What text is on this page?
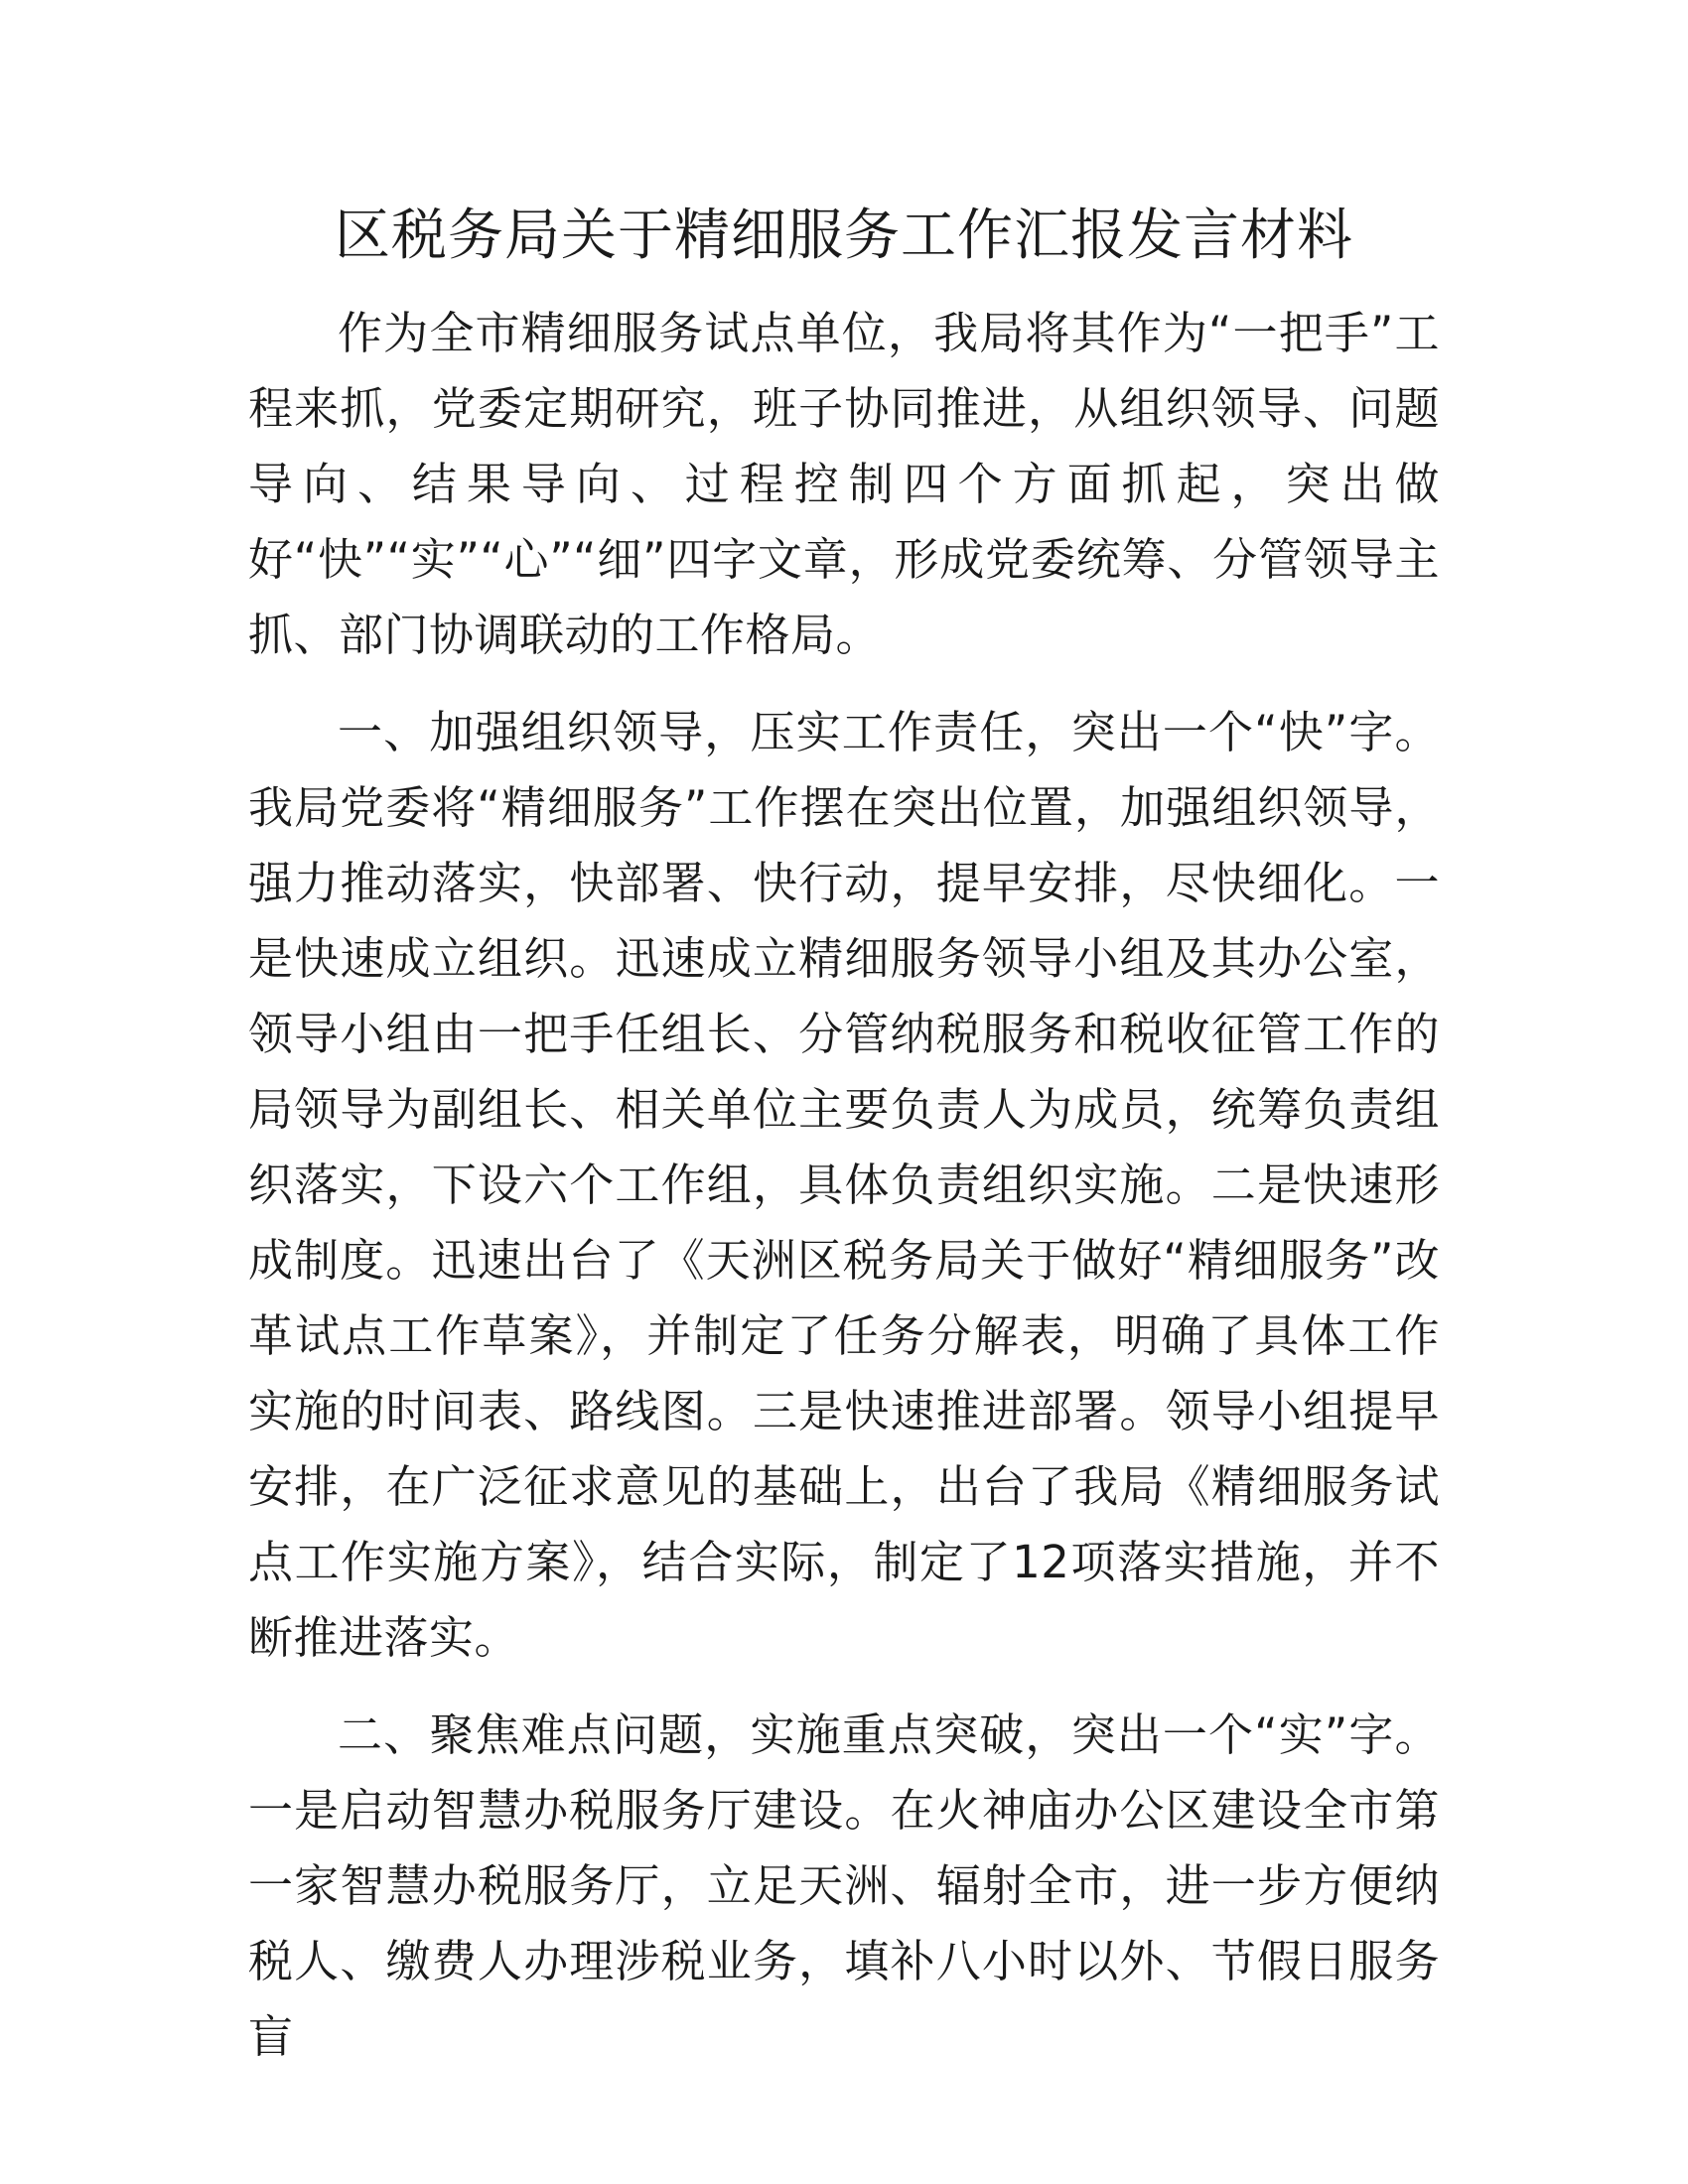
区税务局关于精细服务工作汇报发言材料

作为全市精细服务试点单位，我局将其作为“一把手”工程来抓，党委定期研究，班子协同推进，从组织领导、问题导向、结果导向、过程控制四个方面抓起，突出做好“快”“实”“心”“细”四字文章，形成党委统筹、分管领导主抓、部门协调联动的工作格局。

一、加强组织领导，压实工作责任，突出一个“快”字。我局党委将“精细服务”工作摆在突出位置，加强组织领导，强力推动落实，快部署、快行动，提早安排，尽快细化。一是快速成立组织。迅速成立精细服务领导小组及其办公室，领导小组由一把手任组长、分管纳税服务和税收征管工作的局领导为副组长、相关单位主要负责人为成员，统筹负责组织落实，下设六个工作组，具体负责组织实施。二是快速形成制度。迅速出台了《天洲区税务局关于做好“精细服务”改革试点工作草案》，并制定了任务分解表，明确了具体工作实施的时间表、路线图。三是快速推进部署。领导小组提早安排，在广泛征求意见的基础上，出台了我局《精细服务试点工作实施方案》，结合实际，制定了12项落实措施，并不断推进落实。

二、聚焦难点问题，实施重点突破，突出一个“实”字。一是启动智慧办税服务厅建设。在火神庙办公区建设全市第一家智慧办税服务厅，立足天洲、辐射全市，进一步方便纳税人、缴费人办理涉税业务，填补八小时以外、节假日服务盲
